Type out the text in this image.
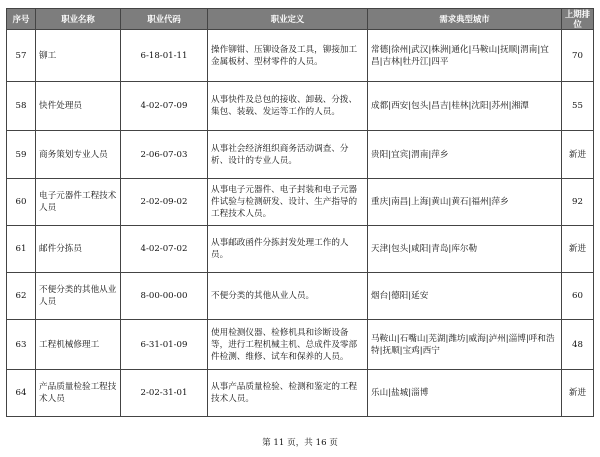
序号	职业名称	职业代码	职业定义	需求典型城市	上期排位
57	铆工	6-18-01-11	操作铆钳、压铆设备及工具，铆接加工金属板材、型材零件的人员。	常德|徐州|武汉|株洲|通化|马鞍山|抚顺|渭南|宜昌|吉林|牡丹江|四平	70
58	快件处理员	4-02-07-09	从事快件及总包的接收、卸载、分拨、集包、装载、发运等工作的人员。	成都|西安|包头|昌吉|桂林|沈阳|苏州|湘潭	55
59	商务策划专业人员	2-06-07-03	从事社会经济组织商务活动调查、分析、设计的专业人员。	贵阳|宜宾|渭南|萍乡	新进
60	电子元器件工程技术人员	2-02-09-02	从事电子元器件、电子封装和电子元器件试验与检测研发、设计、生产指导的工程技术人员。	重庆|南昌|上海|黄山|黄石|福州|萍乡	92
61	邮件分拣员	4-02-07-02	从事邮政函件分拣封发处理工作的人员。	天津|包头|咸阳|青岛|库尔勒	新进
62	不便分类的其他从业人员	8-00-00-00	不便分类的其他从业人员。	烟台|德阳|延安	60
63	工程机械修理工	6-31-01-09	使用检测仪器、检修机具和诊断设备等，进行工程机械主机、总成件及零部件检测、维修、试车和保养的人员。	马鞍山|石嘴山|芜湖|潍坊|威海|泸州|淄博|呼和浩特|抚顺|宝鸡|西宁	48
64	产品质量检验工程技术人员	2-02-31-01	从事产品质量检验、检测和鉴定的工程技术人员。	乐山|盐城|淄博	新进
第 11 页，共 16 页
